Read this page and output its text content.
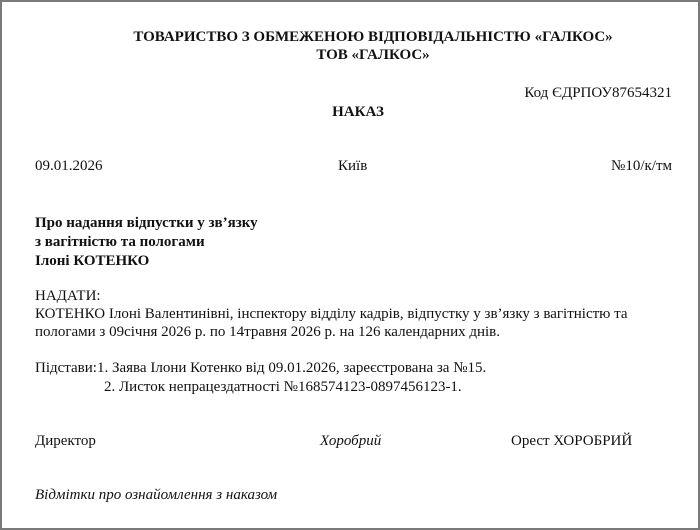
ТОВАРИСТВО З ОБМЕЖЕНОЮ ВІДПОВІДАЛЬНІСТЮ «ГАЛКОС»
ТОВ «ГАЛКОС»
Код ЄДРПОУ87654321
НАКАЗ
09.01.2026	Київ	№10/к/тм
Про надання відпустки у зв’язку
з вагітністю та пологами
Ілоні КОТЕНКО
НАДАТИ:
КОТЕНКО Ілоні Валентинівні, інспектору відділу кадрів, відпустку у зв’язку з вагітністю та
пологами з 09січня 2026 р. по 14травня 2026 р. на 126 календарних днів.
Підстави:1. Заява Ілони Котенко від 09.01.2026, зареєстрована за №15.
2. Листок непрацездатності №168574123-0897456123-1.
Директор	Хоробрий	Орест ХОРОБРИЙ
Відмітки про ознайомлення з наказом
